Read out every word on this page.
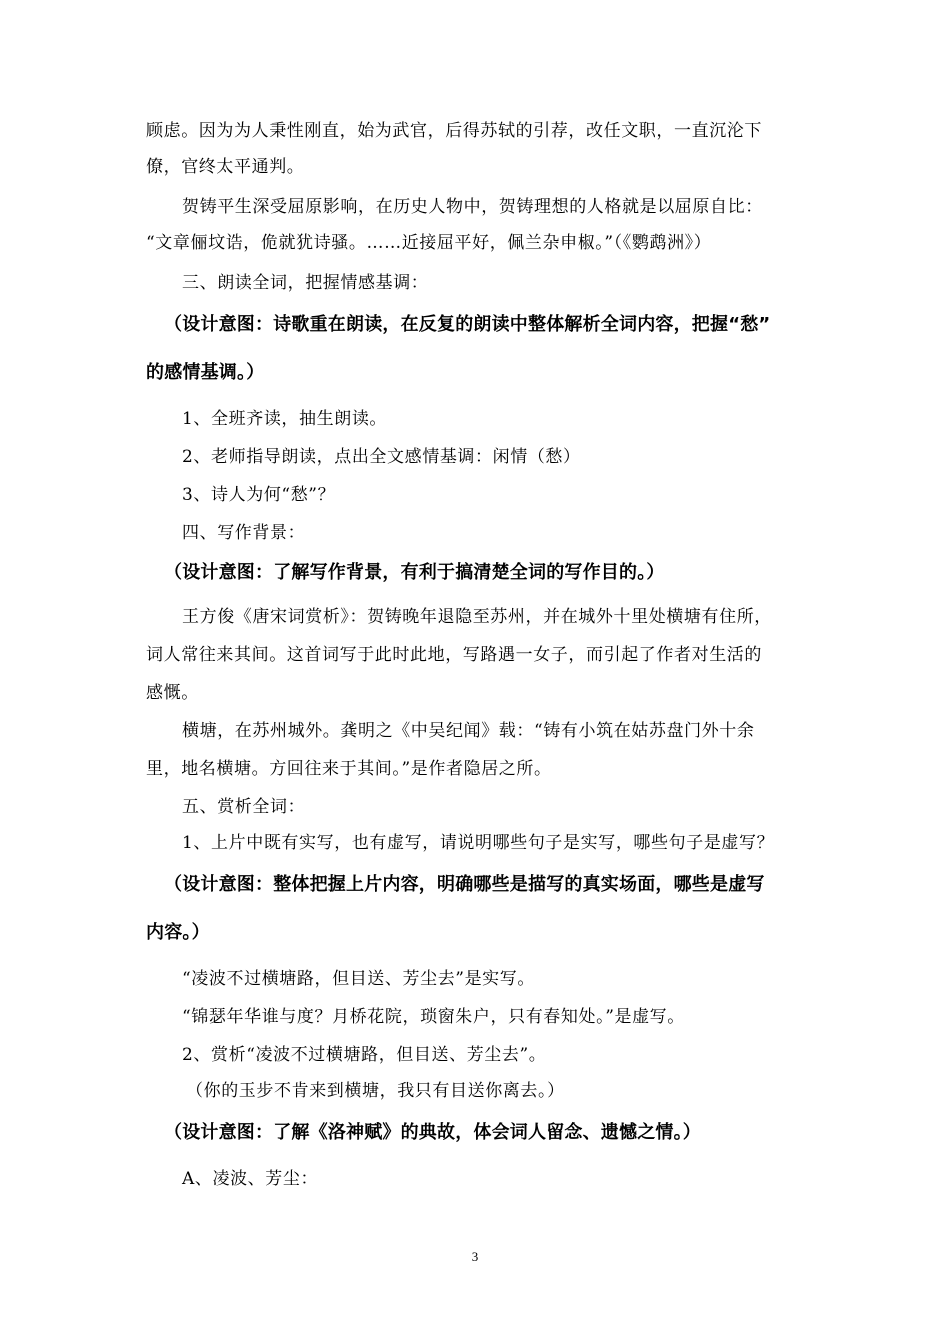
顾虑。因为为人秉性刚直，始为武官，后得苏轼的引荐，改任文职，一直沉沦下
僚，官终太平通判。
贺铸平生深受屈原影响，在历史人物中，贺铸理想的人格就是以屈原自比：
“文章俪坟诰，佹就犹诗骚。……近接屈平好，佩兰杂申椒。”（《鹦鹉洲》）
三、朗读全词，把握情感基调：
（设计意图：诗歌重在朗读，在反复的朗读中整体解析全词内容，把握“愁”
的感情基调。）
1、全班齐读，抽生朗读。
2、老师指导朗读，点出全文感情基调：闲情（愁）
3、诗人为何“愁”？
四、写作背景：
（设计意图：了解写作背景，有利于搞清楚全词的写作目的。）
王方俊《唐宋词赏析》：贺铸晚年退隐至苏州，并在城外十里处横塘有住所，
词人常往来其间。这首词写于此时此地，写路遇一女子，而引起了作者对生活的
感慨。
横塘，在苏州城外。龚明之《中吴纪闻》载：“铸有小筑在姑苏盘门外十余
里，地名横塘。方回往来于其间。”是作者隐居之所。
五、赏析全词：
1、上片中既有实写，也有虚写，请说明哪些句子是实写，哪些句子是虚写？
（设计意图：整体把握上片内容，明确哪些是描写的真实场面，哪些是虚写
内容。）
“凌波不过横塘路，但目送、芳尘去”是实写。
“锦瑟年华谁与度？月桥花院，琐窗朱户，只有春知处。”是虚写。
2、赏析“凌波不过横塘路，但目送、芳尘去”。
（你的玉步不肯来到横塘，我只有目送你离去。）
（设计意图：了解《洛神赋》的典故，体会词人留念、遗憾之情。）
A、凌波、芳尘：
3
